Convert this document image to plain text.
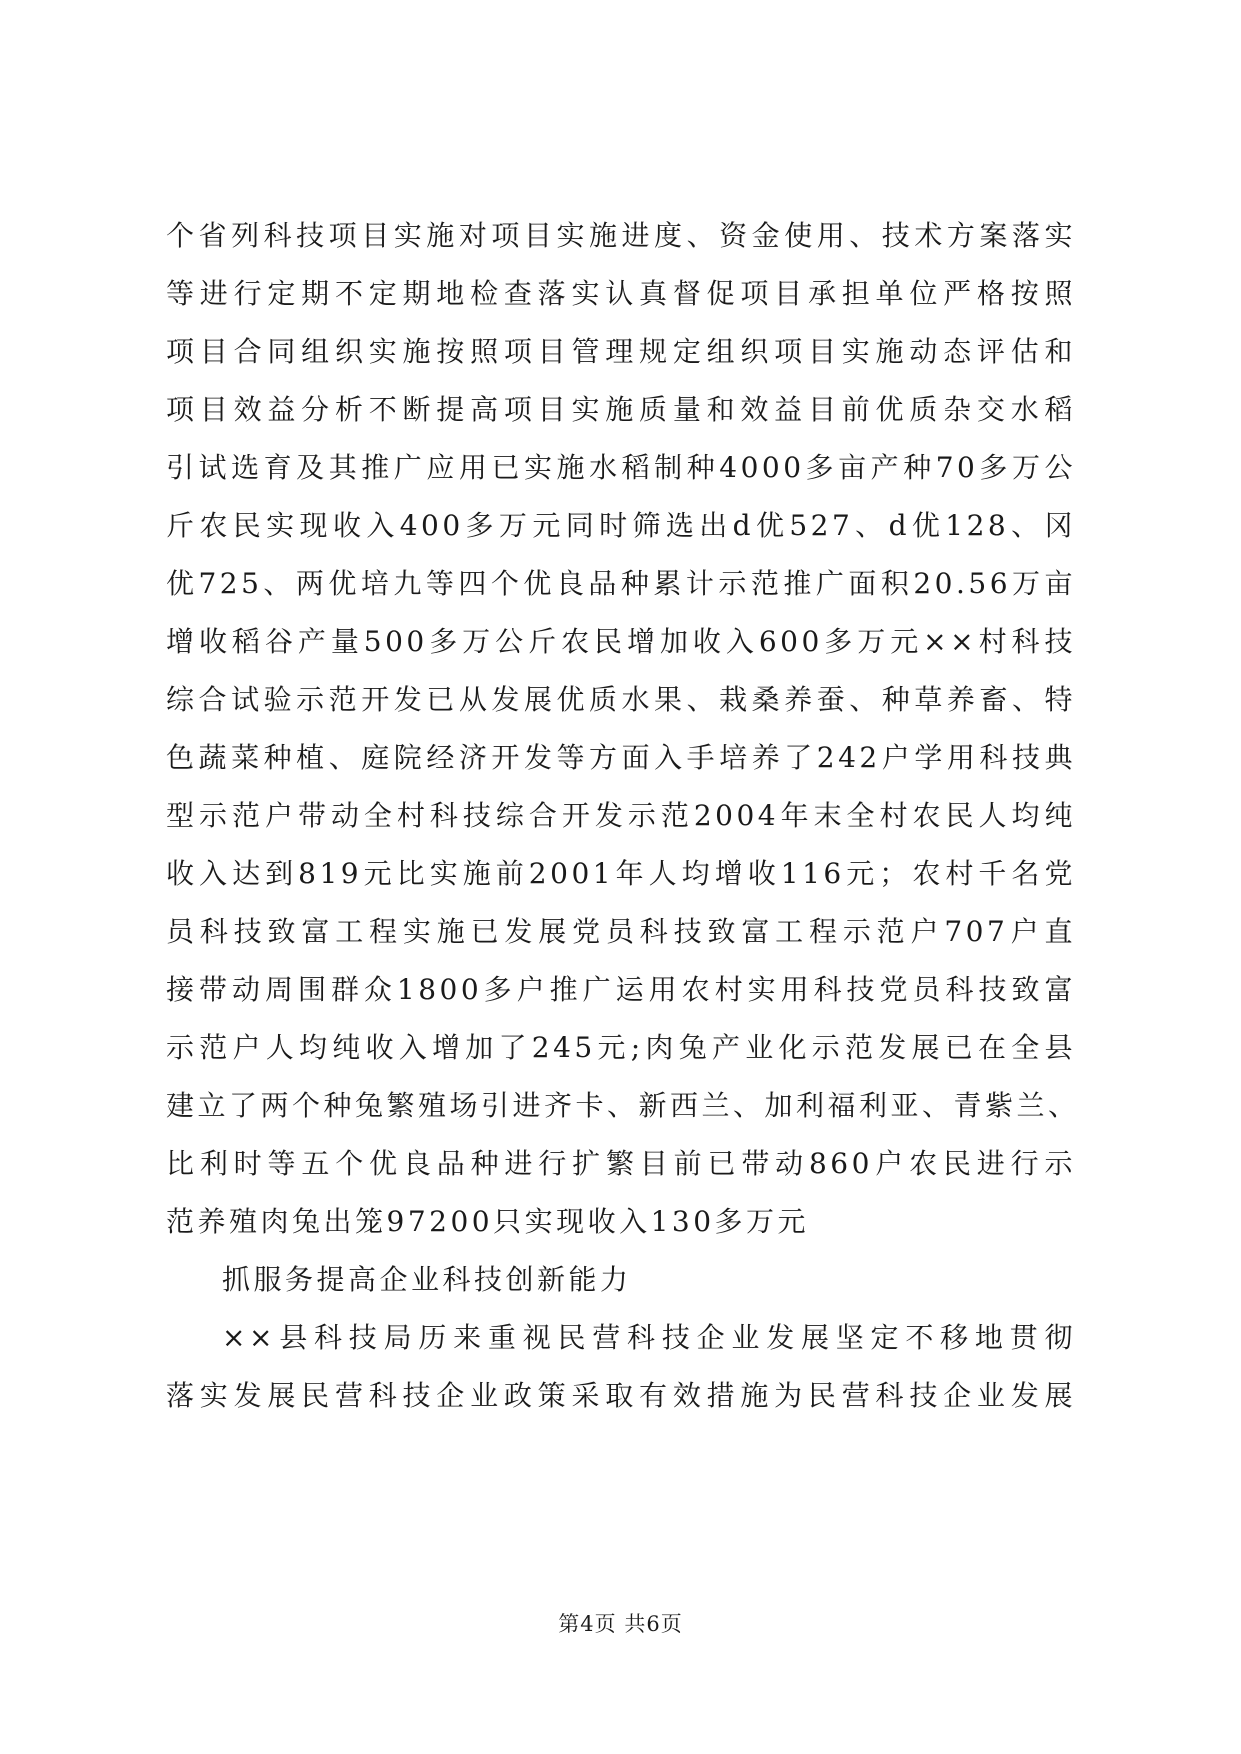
个省列科技项目实施对项目实施进度、资金使用、技术方案落实
等进行定期不定期地检查落实认真督促项目承担单位严格按照
项目合同组织实施按照项目管理规定组织项目实施动态评估和
项目效益分析不断提高项目实施质量和效益目前优质杂交水稻
引试选育及其推广应用已实施水稻制种4000多亩产种70多万公
斤农民实现收入400多万元同时筛选出d优527、d优128、冈
优725、两优培九等四个优良品种累计示范推广面积20.56万亩
增收稻谷产量500多万公斤农民增加收入600多万元××村科技
综合试验示范开发已从发展优质水果、栽桑养蚕、种草养畜、特
色蔬菜种植、庭院经济开发等方面入手培养了242户学用科技典
型示范户带动全村科技综合开发示范2004年末全村农民人均纯
收入达到819元比实施前2001年人均增收116元；农村千名党
员科技致富工程实施已发展党员科技致富工程示范户707户直
接带动周围群众1800多户推广运用农村实用科技党员科技致富
示范户人均纯收入增加了245元;肉兔产业化示范发展已在全县
建立了两个种兔繁殖场引进齐卡、新西兰、加利福利亚、青紫兰、
比利时等五个优良品种进行扩繁目前已带动860户农民进行示
范养殖肉兔出笼97200只实现收入130多万元
抓服务提高企业科技创新能力
××县科技局历来重视民营科技企业发展坚定不移地贯彻
落实发展民营科技企业政策采取有效措施为民营科技企业发展
第4页 共6页
